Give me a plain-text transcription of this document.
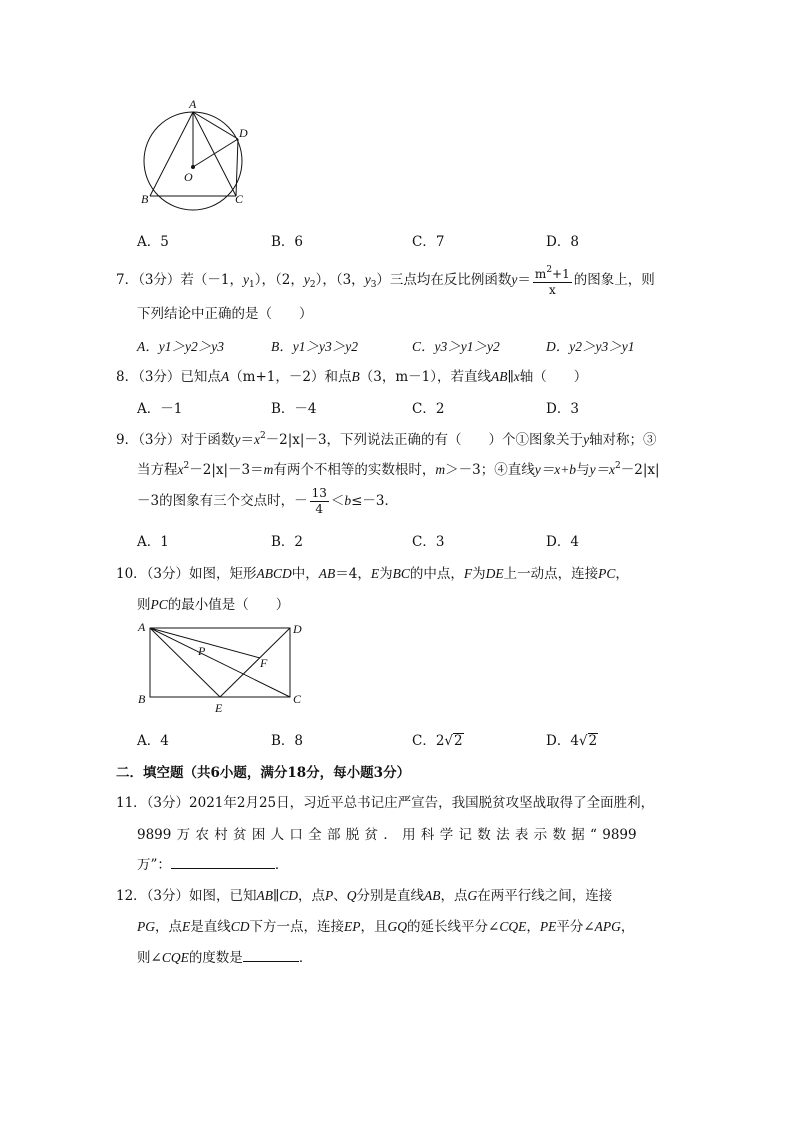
A
D
O
B	C
A．5	B．6	C．7	D．8
7．（3分）若（－1，$y_1$），（2，$y_2$），（3，$y_3$）三点均在反比例函数$y= \frac{m^2+1}{x}$ 的图象上，则
下列结论中正确的是（　　）
A．y1＞y2＞y3	B．y1＞y3＞y2	C．y3＞y1＞y2	D．y2＞y3＞y1
8．（3分）已知点A（m+1，－2）和点B（3，m－1），若直线AB∥x轴（　　）
A．－1	B．－4	C．2	D．3
9．（3分）对于函数$y=x^2-2|x|-3$，下列说法正确的有（　　）个①图象关于y轴对称；③
当方程$x^2-2|x|-3=m$有两个不相等的实数根时，m＞－3；④直线y＝x+b与$y=x^2-2|x|$
－3的图象有三个交点时，－ $\frac{13}{4} <b\le-3$．
A．1	B．2	C．3	D．4
10．（3分）如图，矩形ABCD中，AB＝4，E为BC的中点，F为DE上一动点，连接PC，
则PC的最小值是（　　）
A	D
P
F
B
E
C
A．4	B．8	C．2√2	D．4√2
二．填空题（共6小题，满分18分，每小题3分）
11．（3分）2021年2月25日，习近平总书记庄严宣告，我国脱贫攻坚战取得了全面胜利，
9899 万 农 村 贫 困 人 口 全 部 脱 贫 ． 用 科 学 记 数 法 表 示 数 据 “ 9899
万”：	．
12．（3分）如图，已知AB∥CD，点P、Q分别是直线AB，点G在两平行线之间，连接
PG，点E是直线CD下方一点，连接EP，且GQ的延长线平分∠CQE，PE平分∠APG，
则∠CQE的度数是	．
